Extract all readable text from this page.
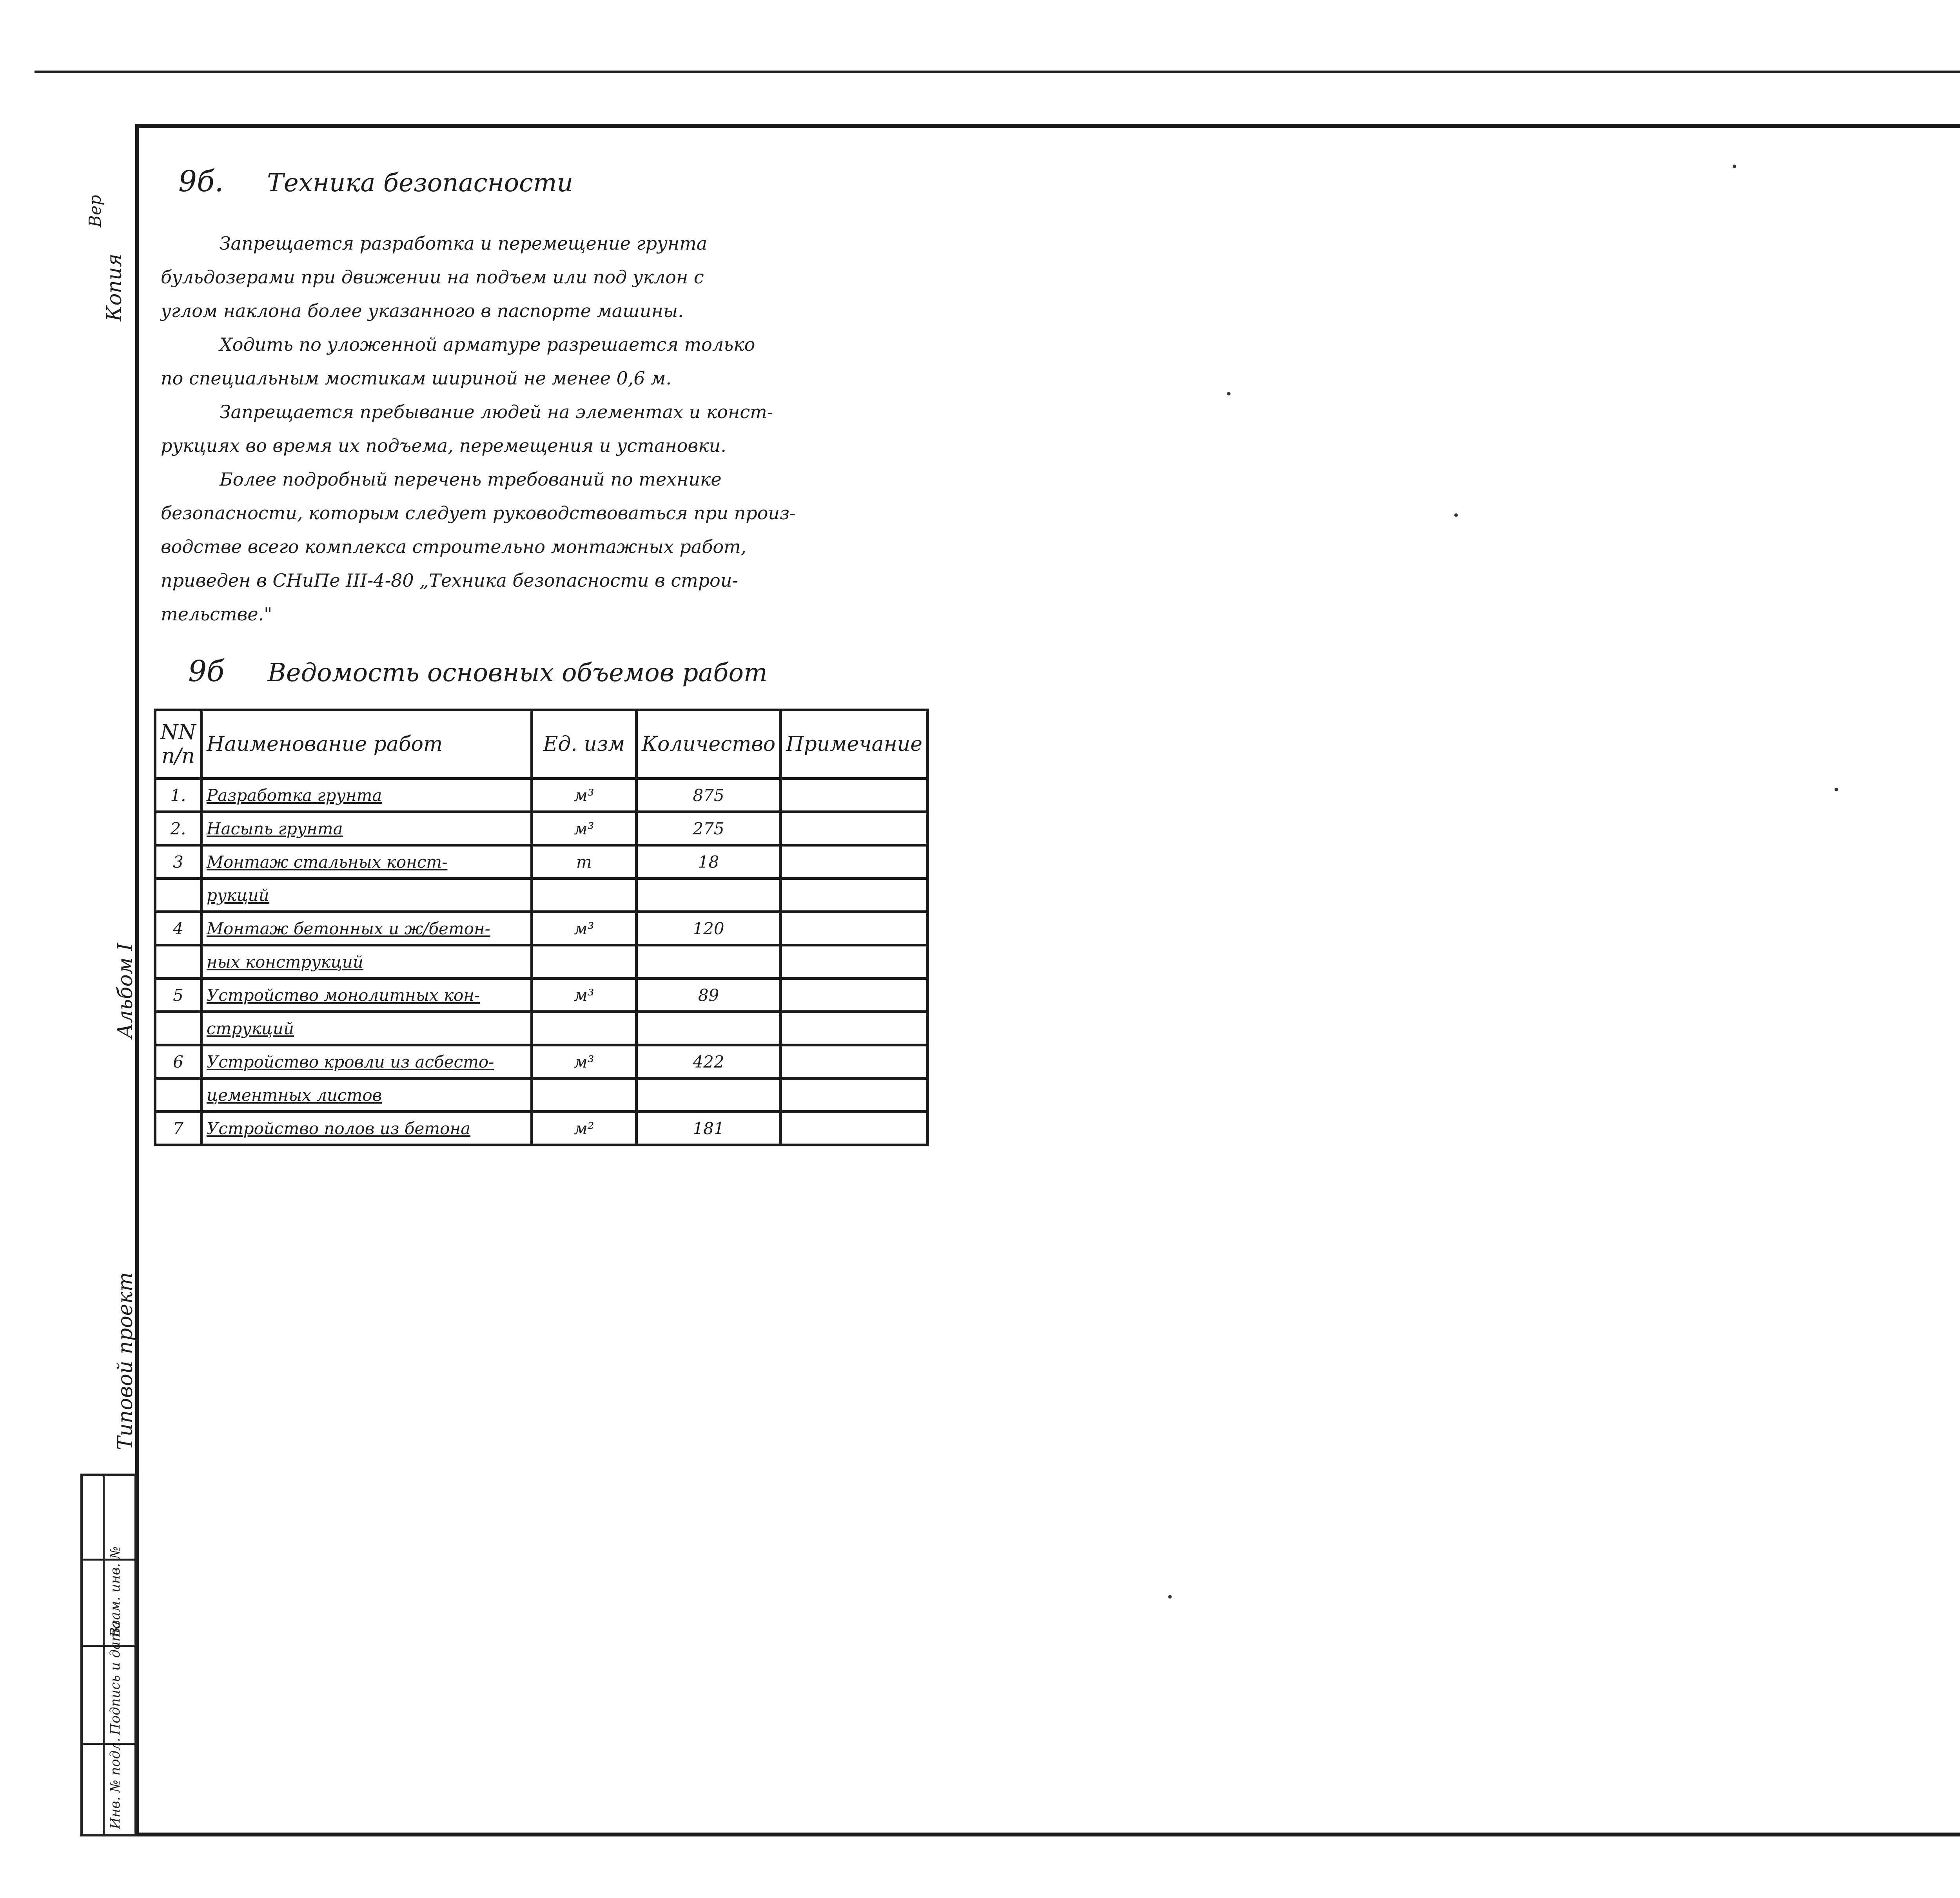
Копия
Вер
Альбом I
Типовой проект
Инв. № подл.
Подпись и дата
Взам. инв. №
9б. Техника безопасности
Запрещается разработка и перемещение грунта
бульдозерами при движении на подъем или под уклон с
углом наклона более указанного в паспорте машины.
Ходить по уложенной арматуре разрешается только
по специальным мостикам шириной не менее 0,6 м.
Запрещается пребывание людей на элементах и конст-
рукциях во время их подъема, перемещения и установки.
Более подробный перечень требований по технике
безопасности, которым следует руководствоваться при произ-
водстве всего комплекса строительно монтажных работ,
приведен в СНиПе III-4-80 „Техника безопасности в строи-
тельстве."
9б Ведомость основных объемов работ
NN п/п	Наименование работ	Ед. изм	Количество	Примечание
1.	Разработка грунта	м³	875	
2.	Насыпь грунта	м³	275	
3	Монтаж стальных конст-	т	18	
	рукций			
4	Монтаж бетонных и ж/бетон-	м³	120	
	ных конструкций			
5	Устройство монолитных кон-	м³	89	
	струкций			
6	Устройство кровли из асбесто-	м³	422	
	цементных листов			
7	Устройство полов из бетона	м²	181	
